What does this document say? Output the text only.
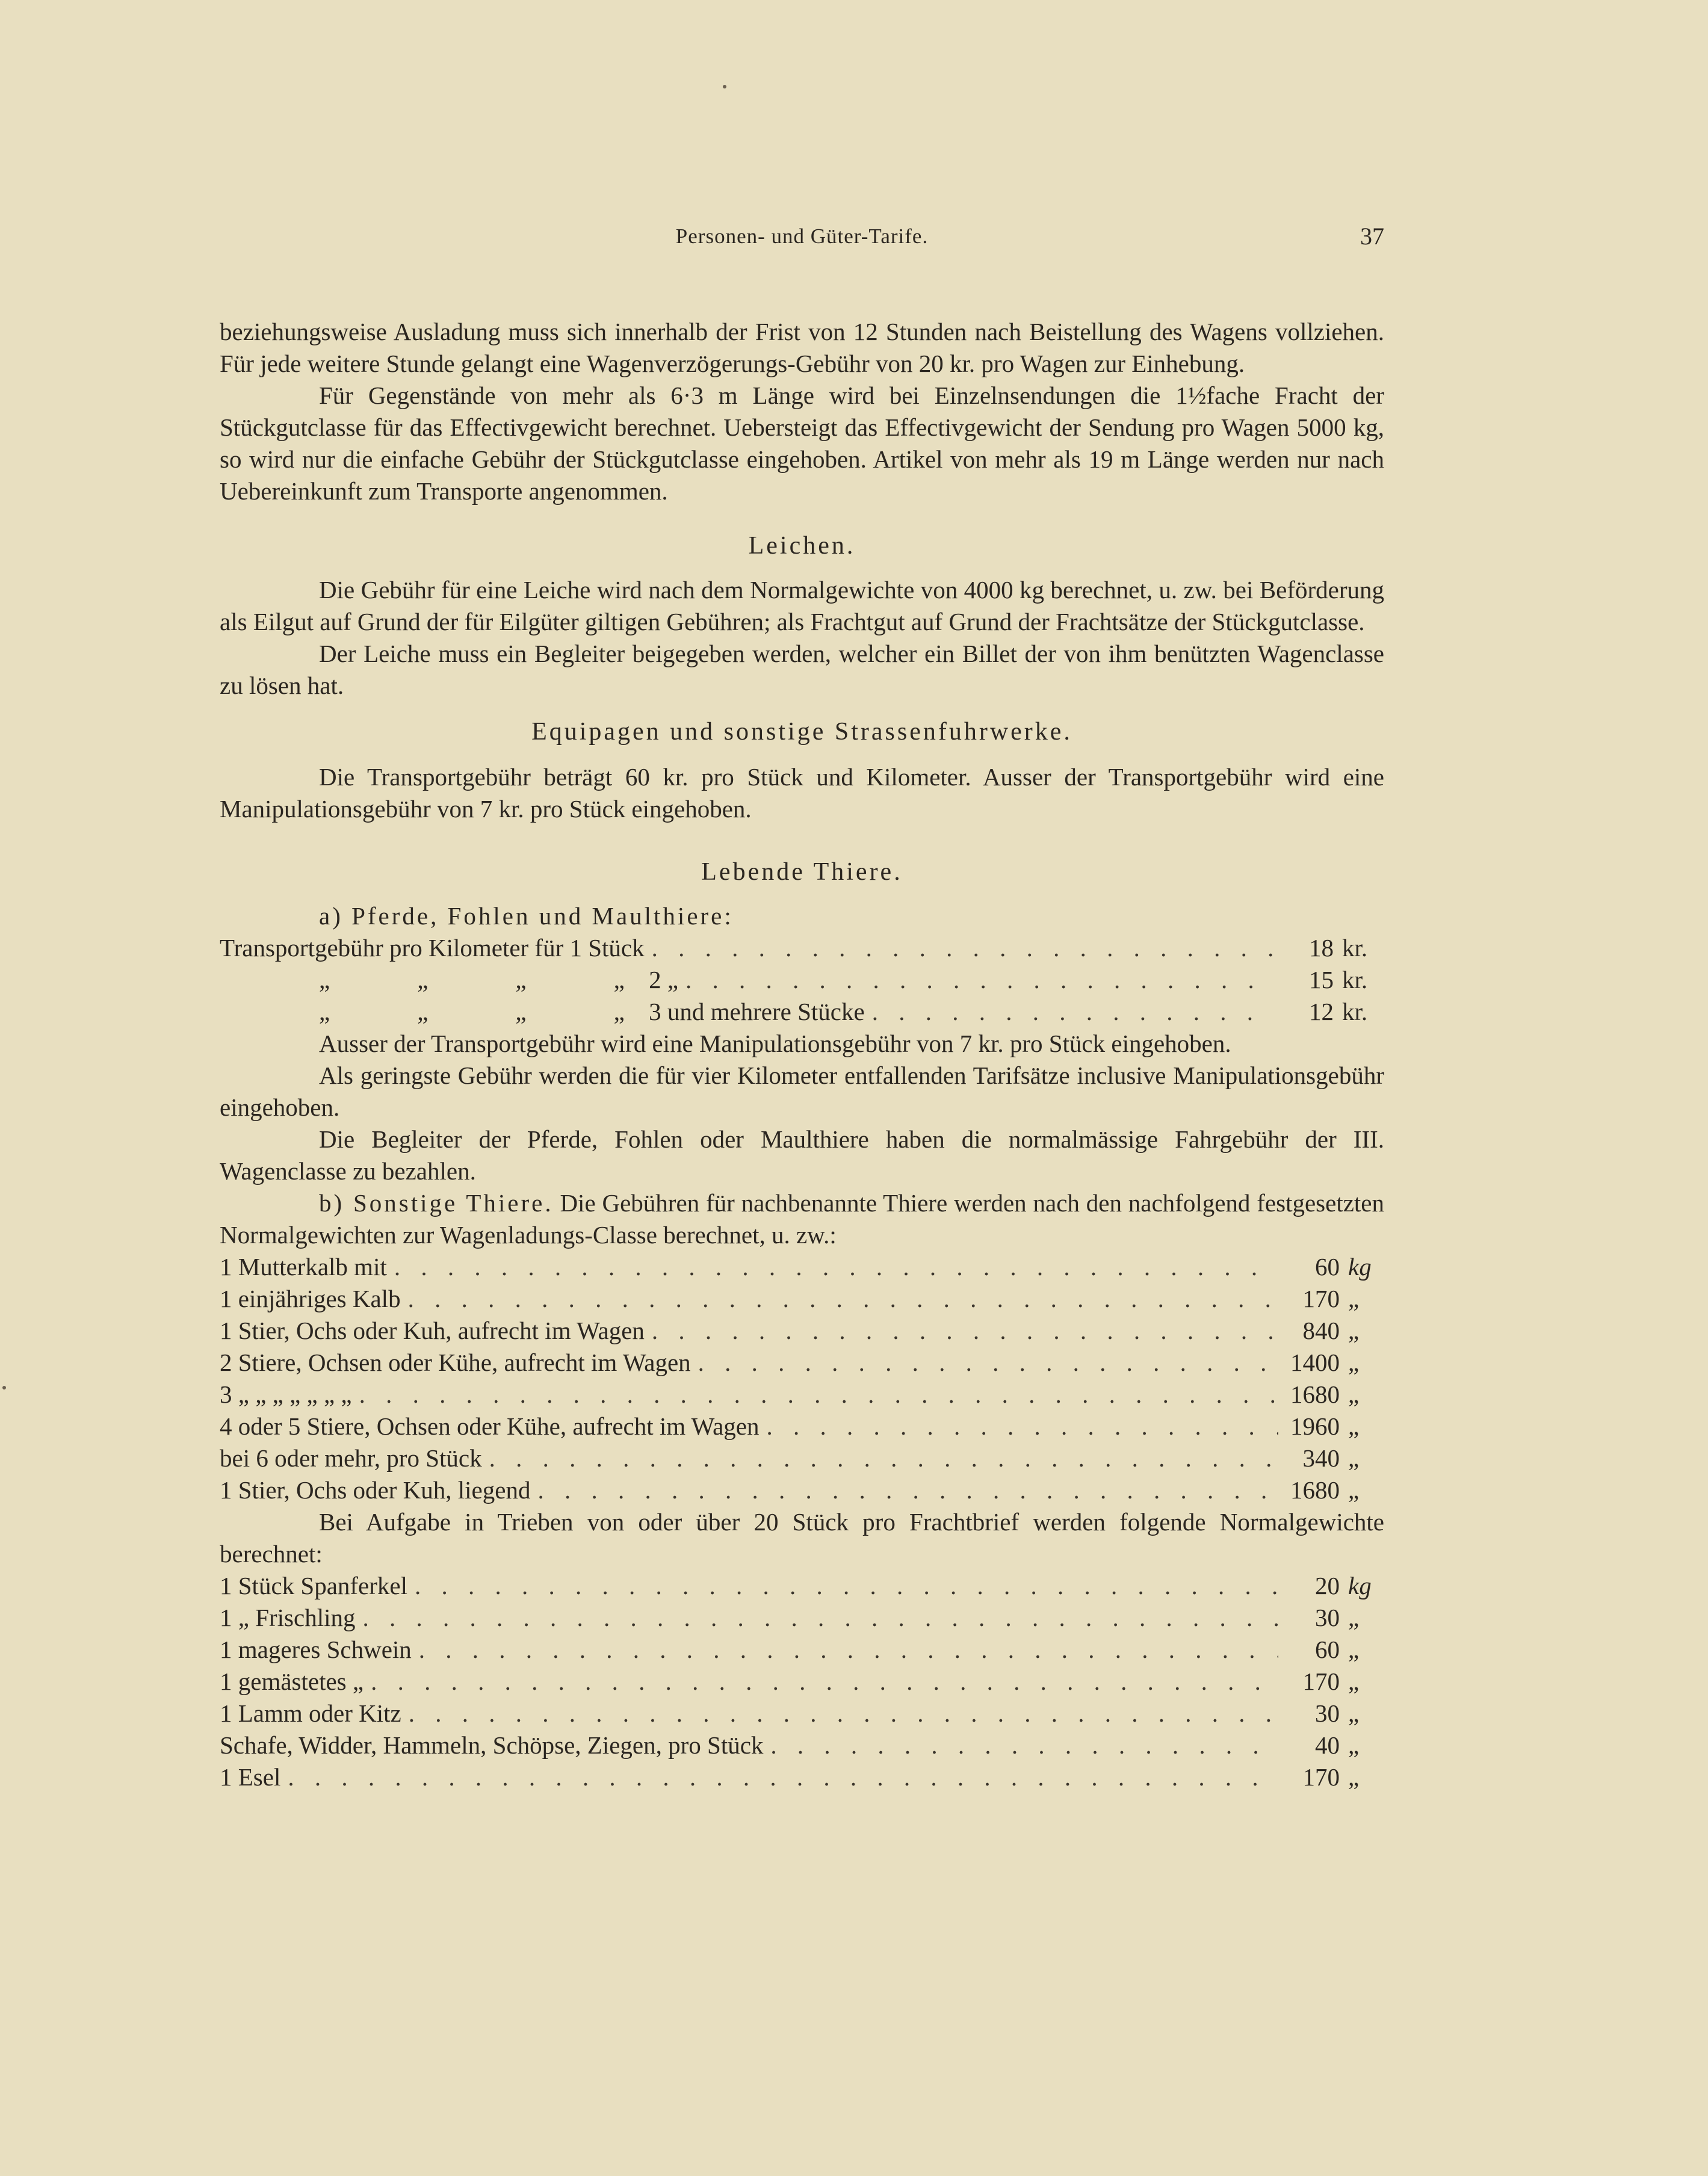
Personen- und Güter-Tarife.	37

beziehungsweise Ausladung muss sich innerhalb der Frist von 12 Stunden nach Beistellung des Wagens vollziehen. Für jede weitere Stunde gelangt eine Wagenverzögerungs-Gebühr von 20 kr. pro Wagen zur Einhebung.

Für Gegenstände von mehr als 6·3 m Länge wird bei Einzelnsendungen die 1½fache Fracht der Stückgutclasse für das Effectivgewicht berechnet. Uebersteigt das Effectivgewicht der Sendung pro Wagen 5000 kg, so wird nur die einfache Gebühr der Stückgutclasse eingehoben. Artikel von mehr als 19 m Länge werden nur nach Uebereinkunft zum Transporte angenommen.

Leichen.

Die Gebühr für eine Leiche wird nach dem Normalgewichte von 4000 kg berechnet, u. zw. bei Beförderung als Eilgut auf Grund der für Eilgüter giltigen Gebühren; als Frachtgut auf Grund der Frachtsätze der Stückgutclasse.

Der Leiche muss ein Begleiter beigegeben werden, welcher ein Billet der von ihm benützten Wagenclasse zu lösen hat.

Equipagen und sonstige Strassenfuhrwerke.

Die Transportgebühr beträgt 60 kr. pro Stück und Kilometer. Ausser der Transportgebühr wird eine Manipulationsgebühr von 7 kr. pro Stück eingehoben.

Lebende Thiere.
a) Pferde, Fohlen und Maulthiere:
Transportgebühr pro Kilometer für 1 Stück . . .	18 kr.
„	„	„	„ 2 „ . . .	15 kr.
„	„	„	„ 3 und mehrere Stücke . . .	12 kr.

Ausser der Transportgebühr wird eine Manipulationsgebühr von 7 kr. pro Stück eingehoben.

Als geringste Gebühr werden die für vier Kilometer entfallenden Tarifsätze inclusive Manipulationsgebühr eingehoben.

Die Begleiter der Pferde, Fohlen oder Maulthiere haben die normalmässige Fahrgebühr der III. Wagenclasse zu bezahlen.

b) Sonstige Thiere. Die Gebühren für nachbenannte Thiere werden nach den nachfolgend festgesetzten Normalgewichten zur Wagenladungs-Classe berechnet, u. zw.:

1 Mutterkalb mit . . .	60 kg
1 einjähriges Kalb . . .	170 „
1 Stier, Ochs oder Kuh, aufrecht im Wagen . . .	840 „
2 Stiere, Ochsen oder Kühe, aufrecht im Wagen . . .	1400 „
3 „ „ „ „ „ „ „ . . .	1680 „
4 oder 5 Stiere, Ochsen oder Kühe, aufrecht im Wagen . . .	1960 „
bei 6 oder mehr, pro Stück . . .	340 „
1 Stier, Ochs oder Kuh, liegend . . .	1680 „

Bei Aufgabe in Trieben von oder über 20 Stück pro Frachtbrief werden folgende Normalgewichte berechnet:

1 Stück Spanferkel . . .	20 kg
1 „ Frischling . . .	30 „
1 mageres Schwein . . .	60 „
1 gemästetes „ . . .	170 „
1 Lamm oder Kitz . . .	30 „
Schafe, Widder, Hammeln, Schöpse, Ziegen, pro Stück . . .	40 „
1 Esel . . .	170 „
